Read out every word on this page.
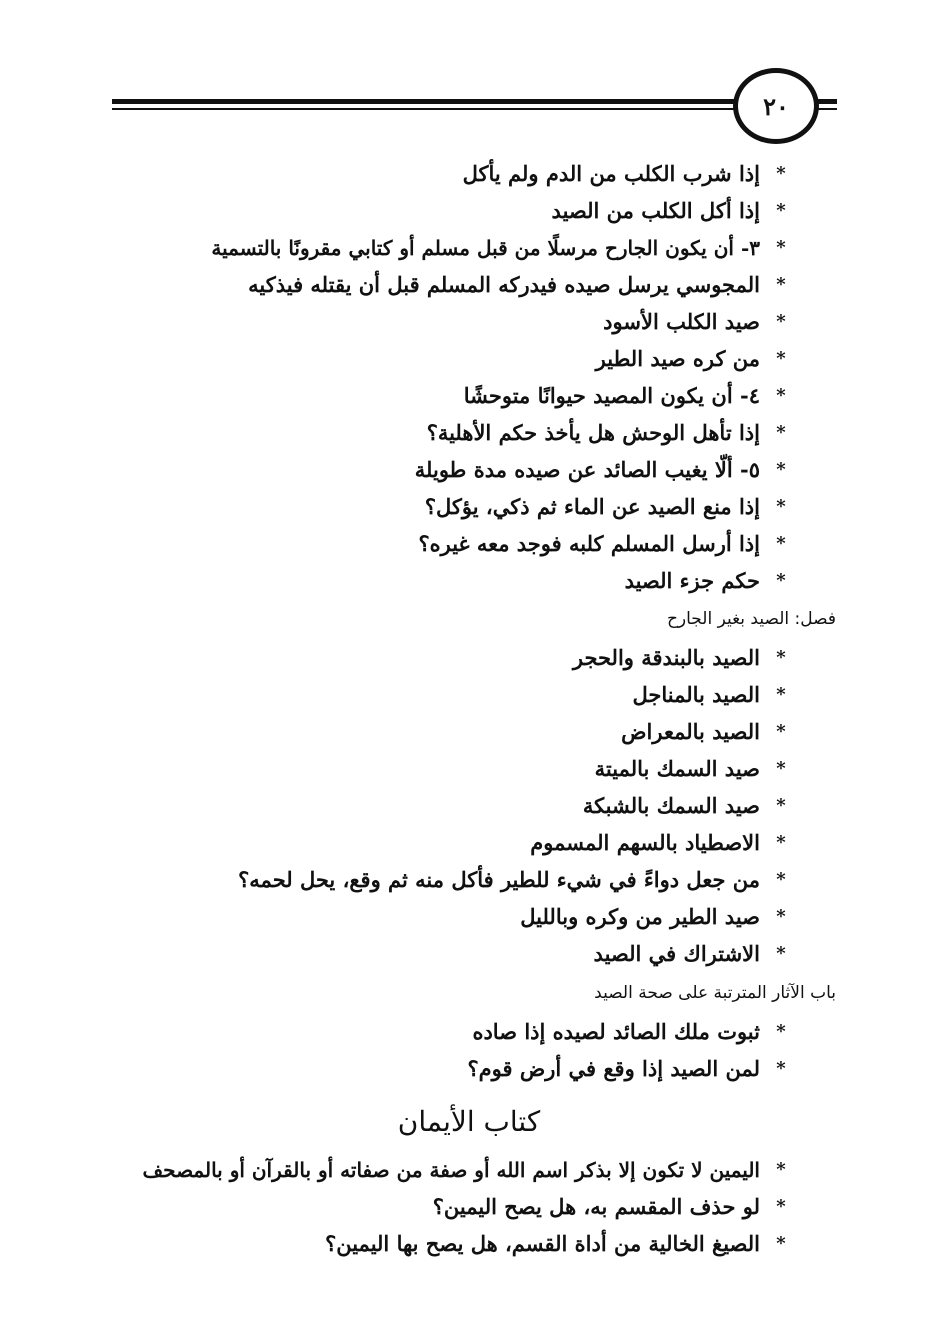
٢٠
*
إذا شرب الكلب من الدم ولم يأكل
*
إذا أكل الكلب من الصيد
*
٣- أن يكون الجارح مرسلًا من قبل مسلم أو كتابي مقرونًا بالتسمية
*
المجوسي يرسل صيده فيدركه المسلم قبل أن يقتله فيذكيه
*
صيد الكلب الأسود
*
من كره صيد الطير
*
٤- أن يكون المصيد حيوانًا متوحشًا
*
إذا تأهل الوحش هل يأخذ حكم الأهلية؟
*
٥- ألّا يغيب الصائد عن صيده مدة طويلة
*
إذا منع الصيد عن الماء ثم ذكي، يؤكل؟
*
إذا أرسل المسلم كلبه فوجد معه غيره؟
*
حكم جزء الصيد
فصل: الصيد بغير الجارح
*
الصيد بالبندقة والحجر
*
الصيد بالمناجل
*
الصيد بالمعراض
*
صيد السمك بالميتة
*
صيد السمك بالشبكة
*
الاصطياد بالسهم المسموم
*
من جعل دواءً في شيء للطير فأكل منه ثم وقع، يحل لحمه؟
*
صيد الطير من وكره وبالليل
*
الاشتراك في الصيد
باب الآثار المترتبة على صحة الصيد
*
ثبوت ملك الصائد لصيده إذا صاده
*
لمن الصيد إذا وقع في أرض قوم؟
كتاب الأيمان
*
اليمين لا تكون إلا بذكر اسم الله أو صفة من صفاته أو بالقرآن أو بالمصحف
*
لو حذف المقسم به، هل يصح اليمين؟
*
الصيغ الخالية من أداة القسم، هل يصح بها اليمين؟
